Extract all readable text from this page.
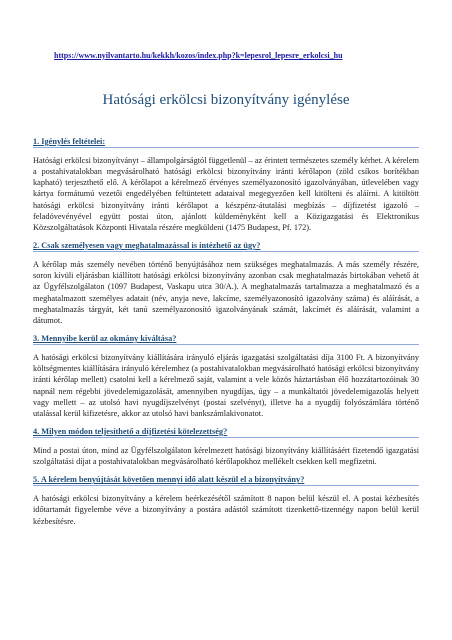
https://www.nyilvantarto.hu/kekkh/kozos/index.php?k=lepesrol_lepesre_erkolcsi_hu
Hatósági erkölcsi bizonyítvány igénylése

1. Igénylés feltételei:

Hatósági erkölcsi bizonyítványt – állampolgárságtól függetlenül – az érintett természetes személy kérhet. A kérelem a postahivatalokban megvásárolható hatósági erkölcsi bizonyítvány iránti kérőlapon (zöld csíkos borítékban kapható) terjeszthető elő. A kérőlapot a kérelmező érvényes személyazonosító igazolványában, útlevelében vagy kártya formátumú vezetői engedélyében feltüntetett adataival megegyezően kell kitölteni és aláírni. A kitöltött hatósági erkölcsi bizonyítvány iránti kérőlapot a készpénz-átutalási megbízás – díjfizetést igazoló – feladóvevényével együtt postai úton, ajánlott küldeményként kell a Közigazgatási és Elektronikus Közszolgáltatások Központi Hivatala részére megküldeni (1475 Budapest, Pf. 172).

2. Csak személyesen vagy meghatalmazással is intézhető az ügy?

A kérőlap más személy nevében történő benyújtásához nem szükséges meghatalmazás. A más személy részére, soron kívüli eljárásban kiállított hatósági erkölcsi bizonyítvány azonban csak meghatalmazás birtokában vehető át az Ügyfélszolgálaton (1097 Budapest, Vaskapu utca 30/A.). A meghatalmazás tartalmazza a meghatalmazó és a meghatalmazott személyes adatait (név, anyja neve, lakcíme, személyazonosító igazolvány száma) és aláírását, a meghatalmazás tárgyát, két tanú személyazonosító igazolványának számát, lakcímét és aláírását, valamint a dátumot.

3. Mennyibe kerül az okmány kiváltása?

A hatósági erkölcsi bizonyítvány kiállítására irányuló eljárás igazgatási szolgáltatási díja 3100 Ft. A bizonyítvány költségmentes kiállítására irányuló kérelemhez (a postahivatalokban megvásárolható hatósági erkölcsi bizonyítvány iránti kérőlap mellett) csatolni kell a kérelmező saját, valamint a vele közös háztartásban élő hozzátartozóinak 30 napnál nem régebbi jövedelemigazolását, amennyiben nyugdíjas, úgy – a munkáltatói jövedelemigazolás helyett vagy mellett – az utolsó havi nyugdíjszelvényt (postai szelvényt), illetve ha a nyugdíj folyószámlára történő utalással kerül kifizetésre, akkor az utolsó havi bankszámlakivonatot.

4. Milyen módon teljesíthető a díjfizetési kötelezettség?

Mind a postai úton, mind az Ügyfélszolgálaton kérelmezett hatósági bizonyítvány kiállításáért fizetendő igazgatási szolgáltatási díjat a postahivatalokban megvásárolható kérőlapokhoz mellékelt csekken kell megfizetni.

5. A kérelem benyújtását követően mennyi idő alatt készül el a bizonyítvány?

A hatósági erkölcsi bizonyítvány a kérelem beérkezésétől számított 8 napon belül készül el. A postai kézbesítés időtartamát figyelembe véve a bizonyítvány a postára adástól számított tizenkettő-tizennégy napon belül kerül kézbesítésre.
